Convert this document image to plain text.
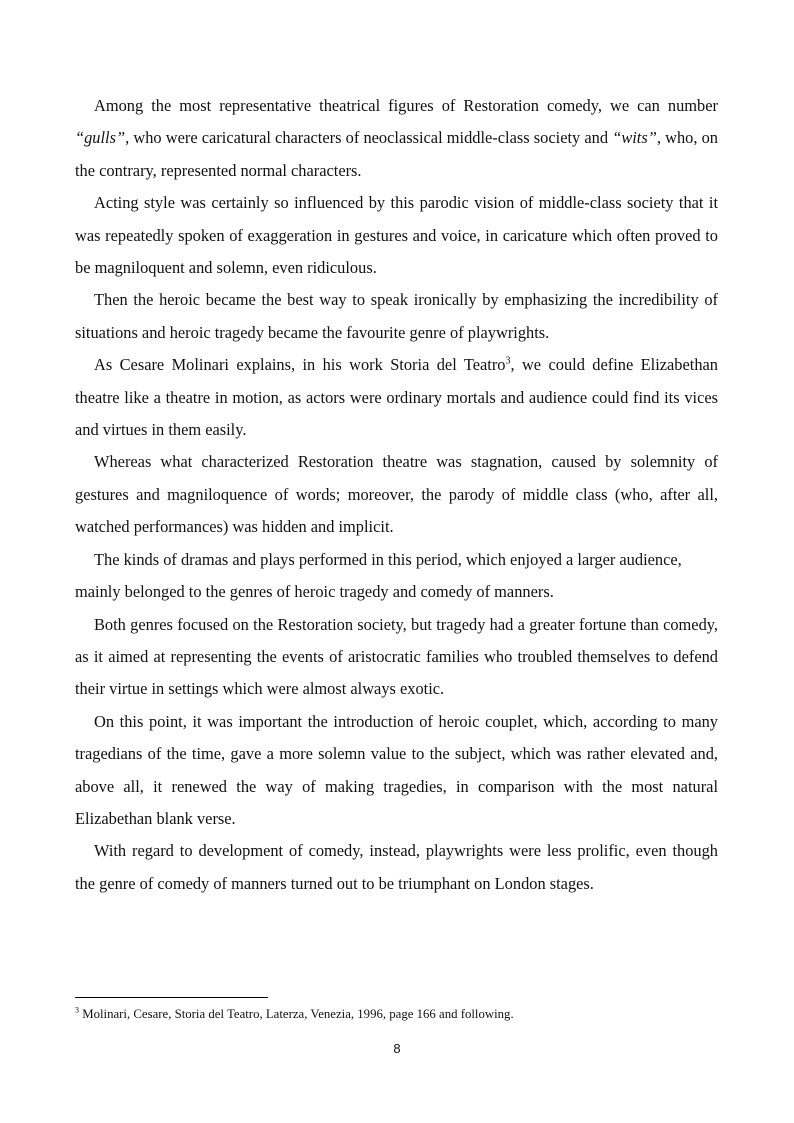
Among the most representative theatrical figures of Restoration comedy, we can number “gulls”, who were caricatural characters of neoclassical middle-class society and “wits”, who, on the contrary, represented normal characters.

Acting style was certainly so influenced by this parodic vision of middle-class society that it was repeatedly spoken of exaggeration in gestures and voice, in caricature which often proved to be magniloquent and solemn, even ridiculous.

Then the heroic became the best way to speak ironically by emphasizing the incredibility of situations and heroic tragedy became the favourite genre of playwrights.

As Cesare Molinari explains, in his work Storia del Teatro$^3$, we could define Elizabethan theatre like a theatre in motion, as actors were ordinary mortals and audience could find its vices and virtues in them easily.

Whereas what characterized Restoration theatre was stagnation, caused by solemnity of gestures and magniloquence of words; moreover, the parody of middle class (who, after all, watched performances) was hidden and implicit.

The kinds of dramas and plays performed in this period, which enjoyed a larger audience, mainly belonged to the genres of heroic tragedy and comedy of manners.

Both genres focused on the Restoration society, but tragedy had a greater fortune than comedy, as it aimed at representing the events of aristocratic families who troubled themselves to defend their virtue in settings which were almost always exotic.

On this point, it was important the introduction of heroic couplet, which, according to many tragedians of the time, gave a more solemn value to the subject, which was rather elevated and, above all, it renewed the way of making tragedies, in comparison with the most natural Elizabethan blank verse.

With regard to development of comedy, instead, playwrights were less prolific, even though the genre of comedy of manners turned out to be triumphant on London stages.

$^3$ Molinari, Cesare, Storia del Teatro, Laterza, Venezia, 1996, page 166 and following.
8
